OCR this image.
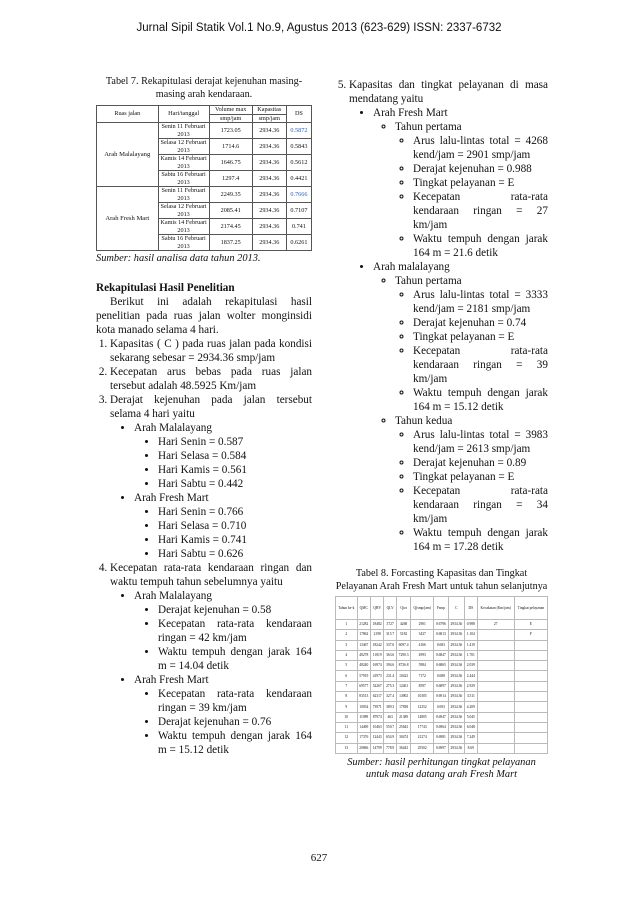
Jurnal Sipil Statik Vol.1 No.9, Agustus 2013 (623-629) ISSN: 2337-6732
Tabel 7. Rekapitulasi derajat kejenuhan masing-masing arah kendaraan.
Ruas jalan	Hari/tanggal	Volume max	Kapasitas	DS
		smp/jam	smp/jam	
Arah Malalayang	Senin 11 Februari 2013	1723.05	2934.36	0.5872
	Selasa 12 Februari 2013	1714.6	2934.36	0.5843
	Kamis 14 Februari 2013	1646.75	2934.36	0.5612
	Sabtu 16 Februari 2013	1297.4	2934.36	0.4421
Arah Fresh Mart	Senin 11 Februari 2013	2249.35	2934.36	0.7666
	Selasa 12 Februari 2013	2085.41	2934.36	0.7107
	Kamis 14 Februari 2013	2174.45	2934.36	0.741
	Sabtu 16 Februari 2013	1837.25	2934.36	0.6261
Sumber: hasil analisa data tahun 2013.
Rekapitulasi Hasil Penelitian
Berikut ini adalah rekapitulasi hasil penelitian pada ruas jalan wolter monginsidi kota manado selama 4 hari.
1. Kapasitas ( C ) pada ruas jalan pada kondisi sekarang sebesar = 2934.36 smp/jam
2. Kecepatan arus bebas pada ruas jalan tersebut adalah 48.5925 Km/jam
3. Derajat kejenuhan pada jalan tersebut selama 4 hari yaitu
• Arah Malalayang
• Hari Senin = 0.587
• Hari Selasa = 0.584
• Hari Kamis = 0.561
• Hari Sabtu = 0.442
• Arah Fresh Mart
• Hari Senin = 0.766
• Hari Selasa = 0.710
• Hari Kamis = 0.741
• Hari Sabtu = 0.626
4. Kecepatan rata-rata kendaraan ringan dan waktu tempuh tahun sebelumnya yaitu
• Arah Malalayang
• Derajat kejenuhan = 0.58
• Kecepatan rata-rata kendaraan ringan = 42 km/jam
• Waktu tempuh dengan jarak 164 m = 14.04 detik
• Arah Fresh Mart
• Kecepatan rata-rata kendaraan ringan = 39 km/jam
• Derajat kejenuhan = 0.76
• Waktu tempuh dengan jarak 164 m = 15.12 detik
5. Kapasitas dan tingkat pelayanan di masa mendatang yaitu
• Arah Fresh Mart
◦ Tahun pertama
◦ Arus lalu-lintas total = 4268 kend/jam = 2901 smp/jam
◦ Derajat kejenuhan = 0.988
◦ Tingkat pelayanan = E
◦ Kecepatan rata-rata kendaraan ringan = 27 km/jam
◦ Waktu tempuh dengan jarak 164 m = 21.6 detik
• Arah malalayang
◦ Tahun pertama
◦ Arus lalu-lintas total = 3333 kend/jam = 2181 smp/jam
◦ Derajat kejenuhan = 0.74
◦ Tingkat pelayanan = E
◦ Kecepatan rata-rata kendaraan ringan = 39 km/jam
◦ Waktu tempuh dengan jarak 164 m = 15.12 detik
◦ Tahun kedua
◦ Arus lalu-lintas total = 3983 kend/jam = 2613 smp/jam
◦ Derajat kejenuhan = 0.89
◦ Tingkat pelayanan = E
◦ Kecepatan rata-rata kendaraan ringan = 34 km/jam
◦ Waktu tempuh dengan jarak 164 m = 17.28 detik
Tabel 8. Forcasting Kapasitas dan Tingkat Pelayanan Arah Fresh Mart untuk tahun selanjutnya
Tahun ke-k	QMC	QHV	QLV	Qtot	Q(smp/jam)	Fsmp	C	DS	Kecakatan (Km/jam)	Tingkat pelayanan
1	21282	18482	3727	4268	2901	0.6796	2934.36	0.988	27	E
2	17862	2198	315.7	5182	3437	0.6813	2934.36	1.104		F
3	13467	18242	337.6	6097.4	4166	0.683	2934.36	1.419		
4	40278	11819	363.6	7290.3	4993	0.6847	2934.36	1.701		
5	48240	16974	394.6	8726.8	5984	0.6865	2934.36	2.039		
6	57919	41973	231.4	10423	7172	0.688	2934.36	2.444		
7	69577	52267	275.3	12461	8597	0.6897	2934.36	2.929		
8	83513	62317	327.4	14902	10305	0.6914	2934.36	3.511		
9	10034	73971	389.3	17838	12352	0.693	2934.36	4.209		
10	11989	87974	463	21389	14805	0.6947	2934.36	5.045		
11	14469	10463	550.7	25643	17743	0.6964	2934.36	6.048		
12	17376	12443	654.9	30474	21274	0.6981	2934.36	7.249		
13	20866	14799	778.9	36443	25502	0.6997	2934.36	8.69		
Sumber: hasil perhitungan tingkat pelayanan untuk masa datang arah Fresh Mart
627
